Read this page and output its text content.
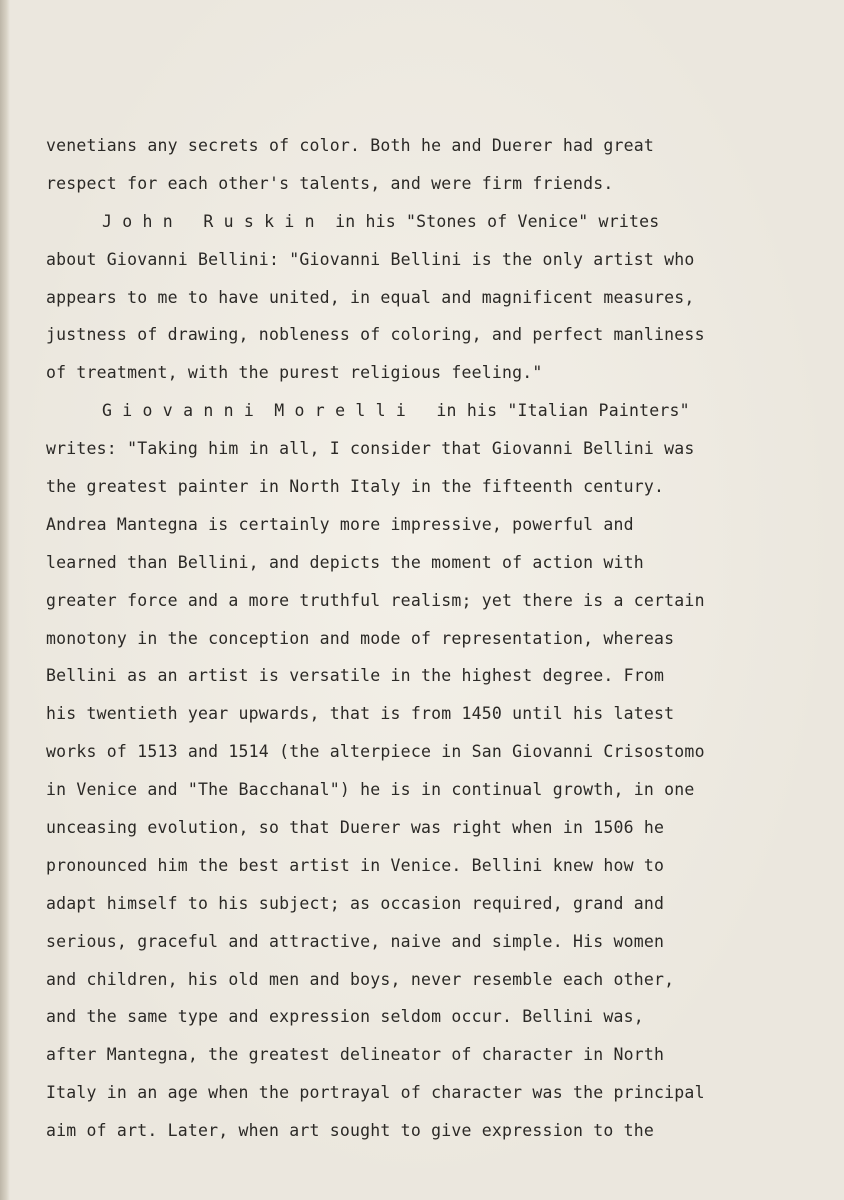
venetians any secrets of color. Both he and Duerer had great
respect for each other's talents, and were firm friends.
J o h n   R u s k i n  in his "Stones of Venice" writes
about Giovanni Bellini: "Giovanni Bellini is the only artist who
appears to me to have united, in equal and magnificent measures,
justness of drawing, nobleness of coloring, and perfect manliness
of treatment, with the purest religious feeling."
G i o v a n n i  M o r e l l i   in his "Italian Painters"
writes: "Taking him in all, I consider that Giovanni Bellini was
the greatest painter in North Italy in the fifteenth century.
Andrea Mantegna is certainly more impressive, powerful and
learned than Bellini, and depicts the moment of action with
greater force and a more truthful realism; yet there is a certain
monotony in the conception and mode of representation, whereas
Bellini as an artist is versatile in the highest degree. From
his twentieth year upwards, that is from 1450 until his latest
works of 1513 and 1514 (the alterpiece in San Giovanni Crisostomo
in Venice and "The Bacchanal") he is in continual growth, in one
unceasing evolution, so that Duerer was right when in 1506 he
pronounced him the best artist in Venice. Bellini knew how to
adapt himself to his subject; as occasion required, grand and
serious, graceful and attractive, naive and simple. His women
and children, his old men and boys, never resemble each other,
and the same type and expression seldom occur. Bellini was,
after Mantegna, the greatest delineator of character in North
Italy in an age when the portrayal of character was the principal
aim of art. Later, when art sought to give expression to the
